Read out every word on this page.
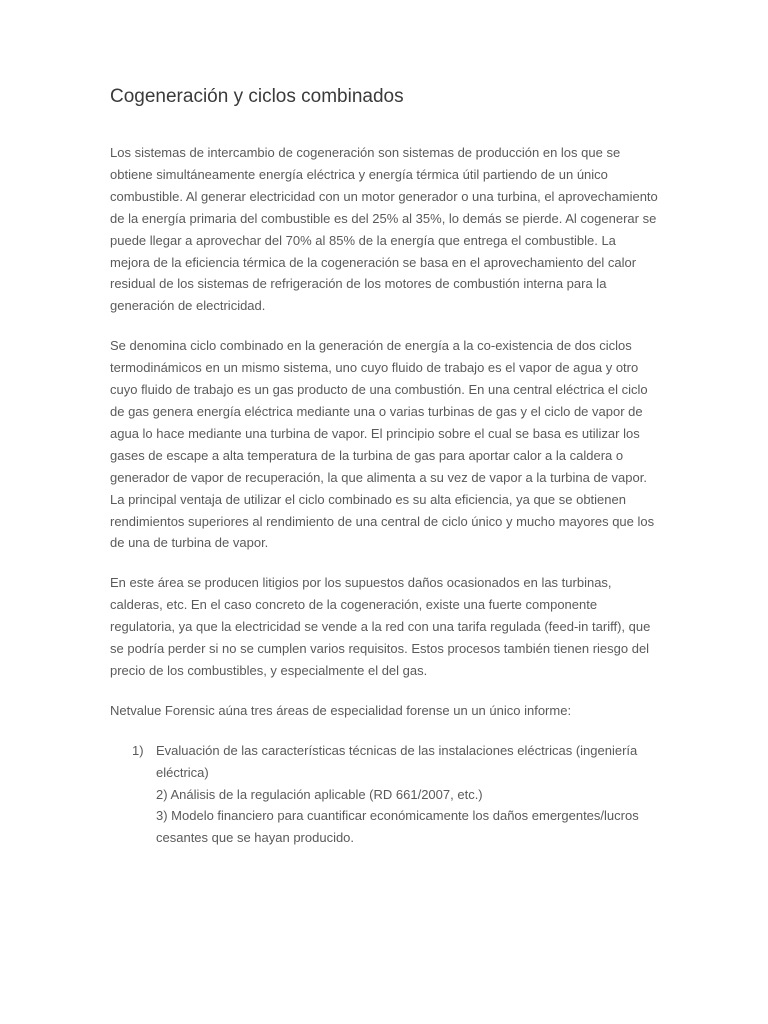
Cogeneración y ciclos combinados

Los sistemas de intercambio de cogeneración son sistemas de producción en los que se obtiene simultáneamente energía eléctrica y energía térmica útil partiendo de un único combustible. Al generar electricidad con un motor generador o una turbina, el aprovechamiento de la energía primaria del combustible es del 25% al 35%, lo demás se pierde. Al cogenerar se puede llegar a aprovechar del 70% al 85% de la energía que entrega el combustible. La mejora de la eficiencia térmica de la cogeneración se basa en el aprovechamiento del calor residual de los sistemas de refrigeración de los motores de combustión interna para la generación de electricidad.

Se denomina ciclo combinado en la generación de energía a la co-existencia de dos ciclos termodinámicos en un mismo sistema, uno cuyo fluido de trabajo es el vapor de agua y otro cuyo fluido de trabajo es un gas producto de una combustión. En una central eléctrica el ciclo de gas genera energía eléctrica mediante una o varias turbinas de gas y el ciclo de vapor de agua lo hace mediante una turbina de vapor. El principio sobre el cual se basa es utilizar los gases de escape a alta temperatura de la turbina de gas para aportar calor a la caldera o generador de vapor de recuperación, la que alimenta a su vez de vapor a la turbina de vapor. La principal ventaja de utilizar el ciclo combinado es su alta eficiencia, ya que se obtienen rendimientos superiores al rendimiento de una central de ciclo único y mucho mayores que los de una de turbina de vapor.

En este área se producen litigios por los supuestos daños ocasionados en las turbinas, calderas, etc. En el caso concreto de la cogeneración, existe una fuerte componente regulatoria, ya que la electricidad se vende a la red con una tarifa regulada (feed-in tariff), que se podría perder si no se cumplen varios requisitos. Estos procesos también tienen riesgo del precio de los combustibles, y especialmente el del gas.

Netvalue Forensic aúna tres áreas de especialidad forense un un único informe:

1) Evaluación de las características técnicas de las instalaciones eléctricas (ingeniería eléctrica)
2) Análisis de la regulación aplicable (RD 661/2007, etc.)
3) Modelo financiero para cuantificar económicamente los daños emergentes/lucros cesantes que se hayan producido.
